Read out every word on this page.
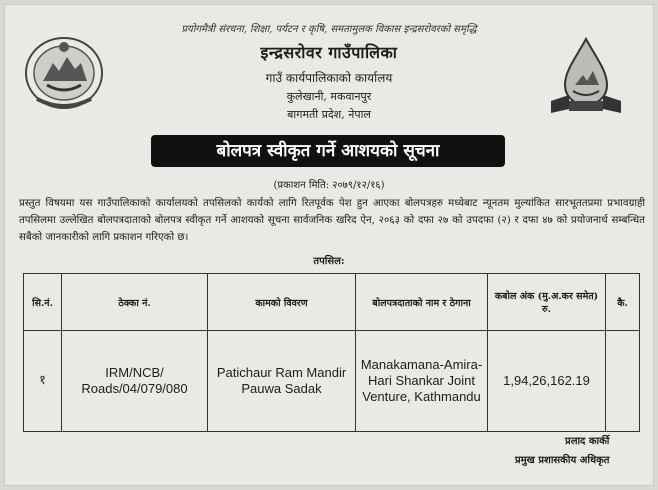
प्रयोगमैत्री संरचना, शिक्षा, पर्यटन र कृषि, समतामुलक विकास इन्द्रसरोवरको समृद्धि
इन्द्रसरोवर गाउँपालिका
गाउँ कार्यपालिकाको कार्यालय
कुलेखानी, मकवानपुर
बागमती प्रदेश, नेपाल
बोलपत्र स्वीकृत गर्ने आशयको सूचना
(प्रकाशन मिति: २०७९/१२/१६)
प्रस्तुत विषयमा यस गाउँपालिकाको कार्यालयको तपसिलको कार्यको लागि रितपूर्वक पेश हुन आएका बोलपत्रहरु मध्येबाट न्यूनतम मुल्यांकित सारभूततप्रमा प्रभावग्राही तपसिलमा उल्लेखित बोलपत्रदाताको बोलपत्र स्वीकृत गर्ने आशयको सूचना सार्वजनिक खरिद ऐन, २०६३ को दफा २७ को उपदफा (२) र दफा ४७ को प्रयोजनार्थ सम्बन्धित सबैको जानकारीको लागि प्रकाशन गरिएको छ।
तपसिल:
सि.नं.	ठेक्का नं.	कामको विवरण	बोलपत्रदाताको नाम र ठेगाना	कबोल अंक (मु.अ.कर समेत) रु.	कै.
१	IRM/NCB/ Roads/04/079/080	Patichaur Ram Mandir Pauwa Sadak	Manakamana-Amira-Hari Shankar Joint Venture, Kathmandu	1,94,26,162.19	
प्रलाद कार्की
प्रमुख प्रशासकीय अधिकृत
